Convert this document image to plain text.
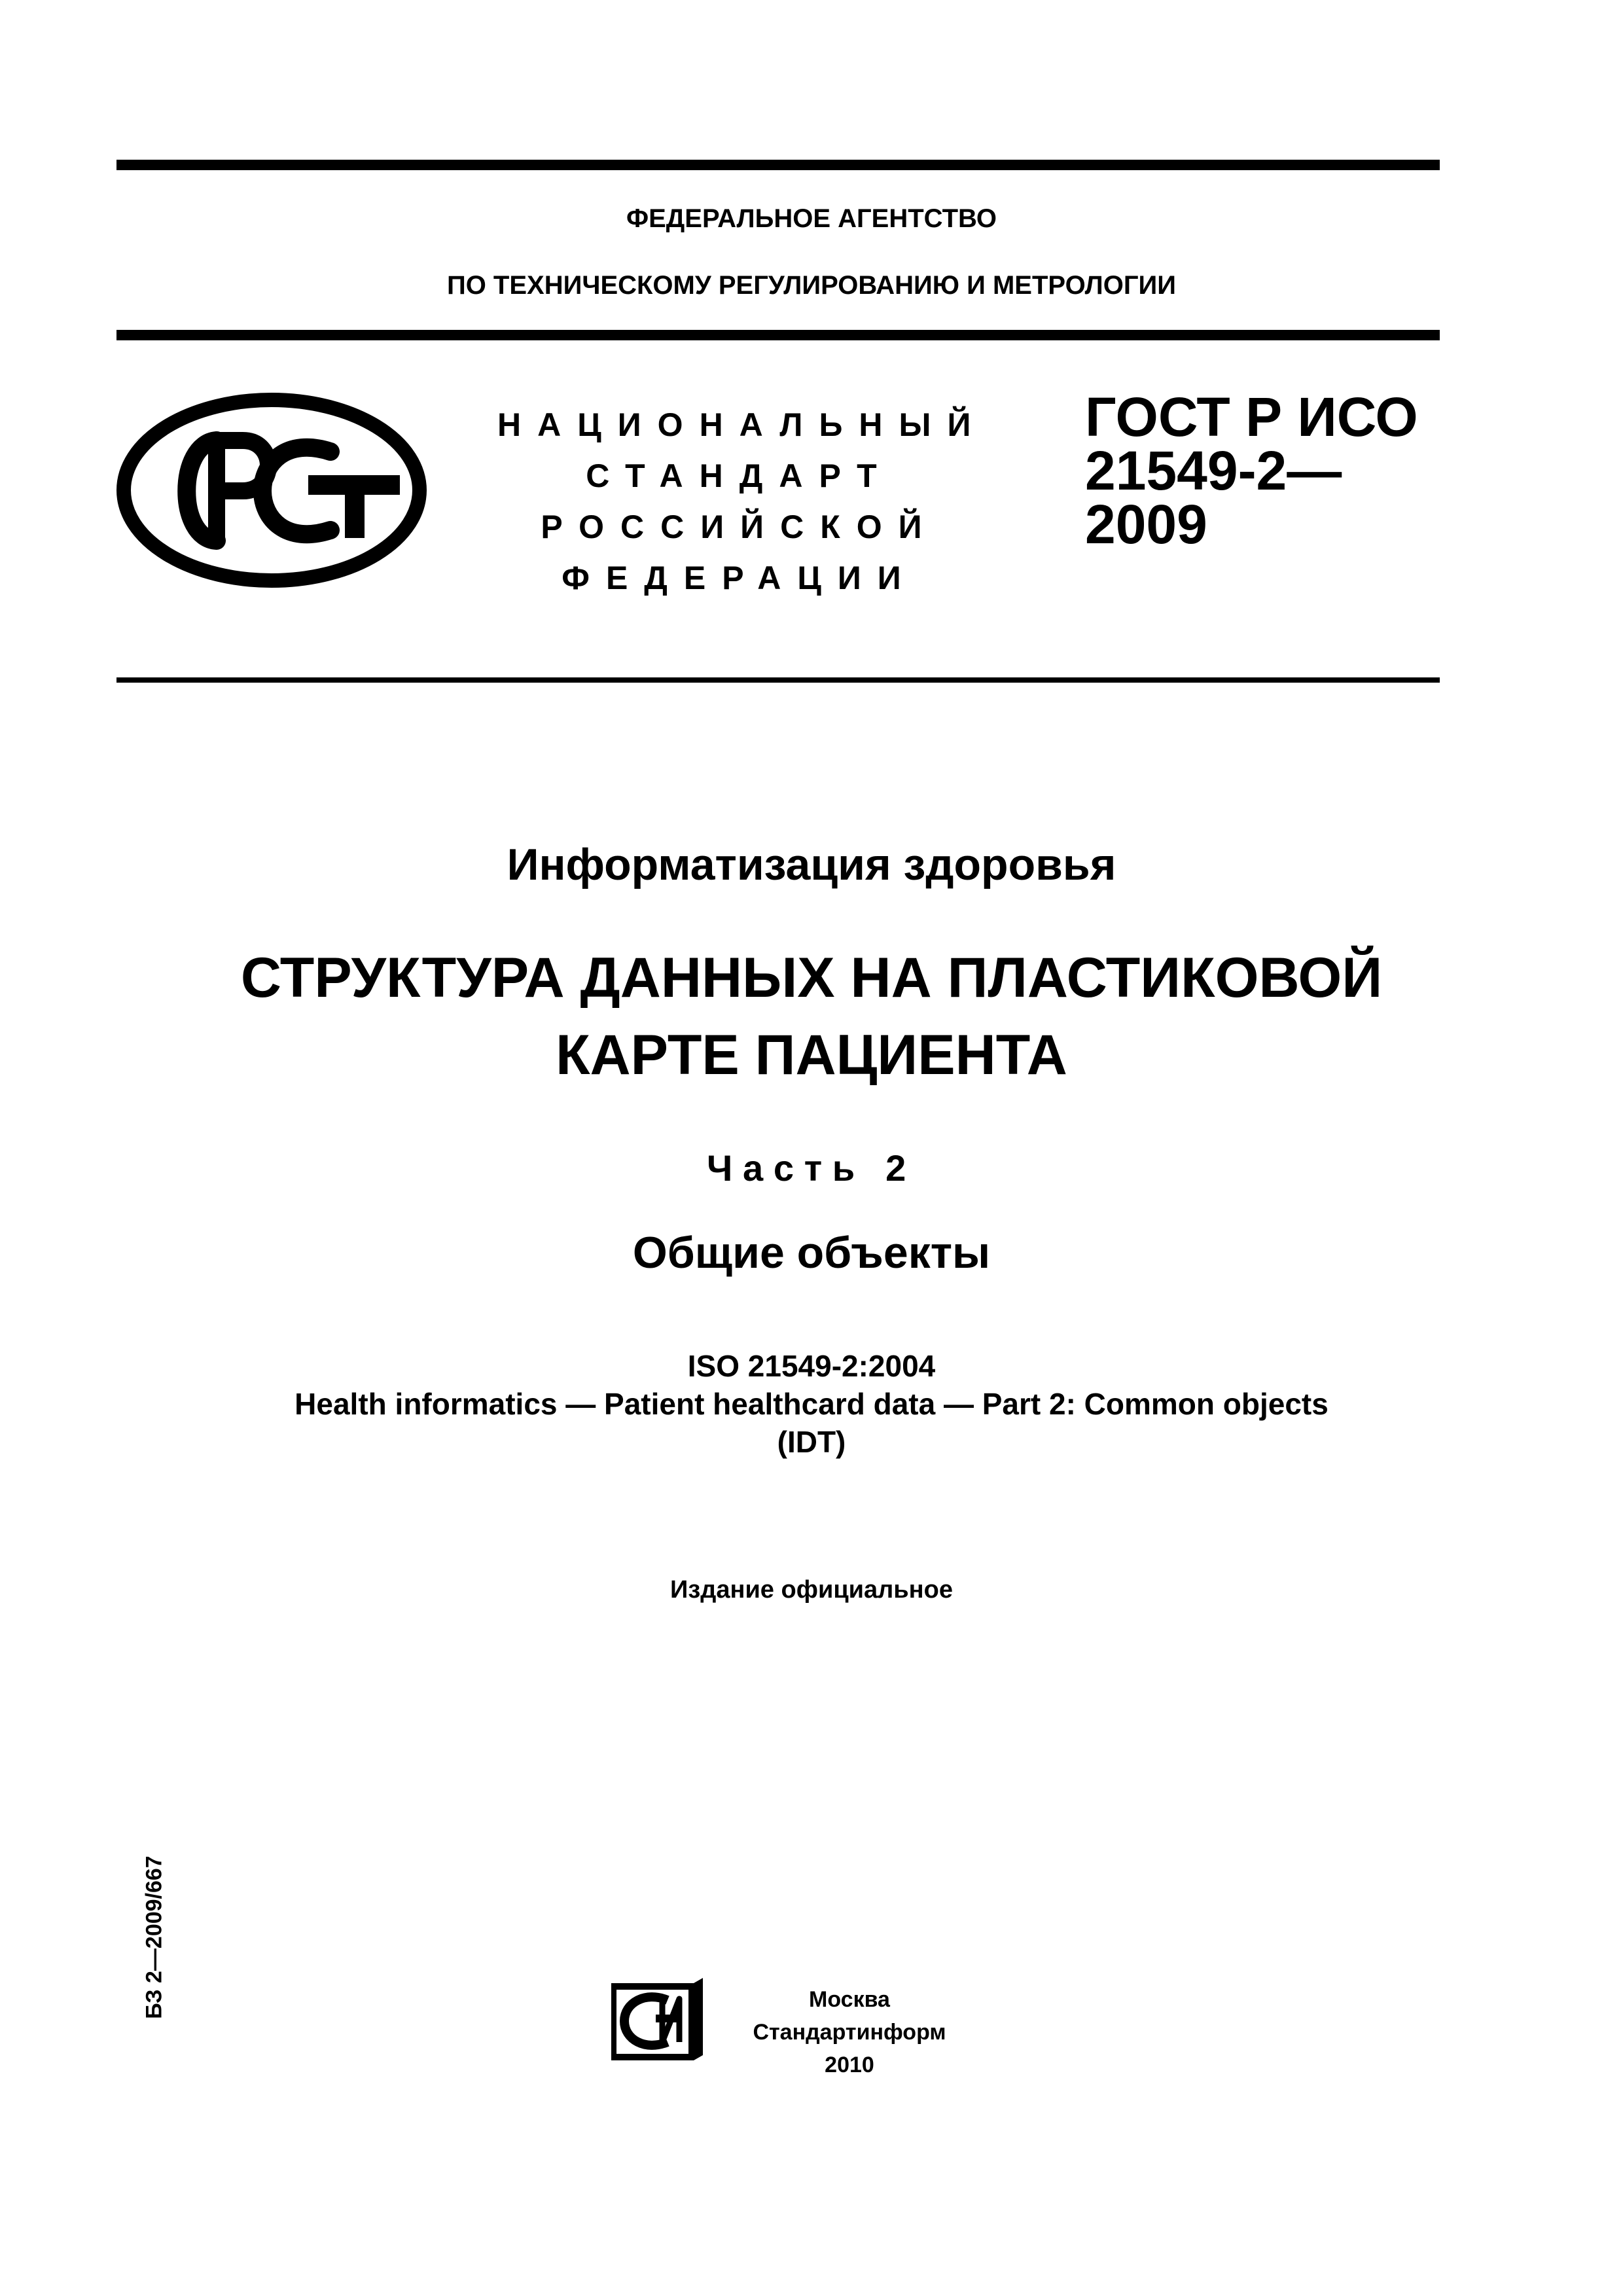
ФЕДЕРАЛЬНОЕ АГЕНТСТВО
ПО ТЕХНИЧЕСКОМУ РЕГУЛИРОВАНИЮ И МЕТРОЛОГИИ
НАЦИОНАЛЬНЫЙ
СТАНДАРТ
РОССИЙСКОЙ
ФЕДЕРАЦИИ
ГОСТ Р ИСО
21549-2—
2009
Информатизация здоровья
СТРУКТУРА ДАННЫХ НА ПЛАСТИКОВОЙ КАРТЕ ПАЦИЕНТА
Часть 2
Общие объекты
ISO 21549-2:2004
Health informatics — Patient healthcard data — Part 2: Common objects
(IDT)
Издание официальное
БЗ 2—2009/667	Москва
Стандартинформ
2010
